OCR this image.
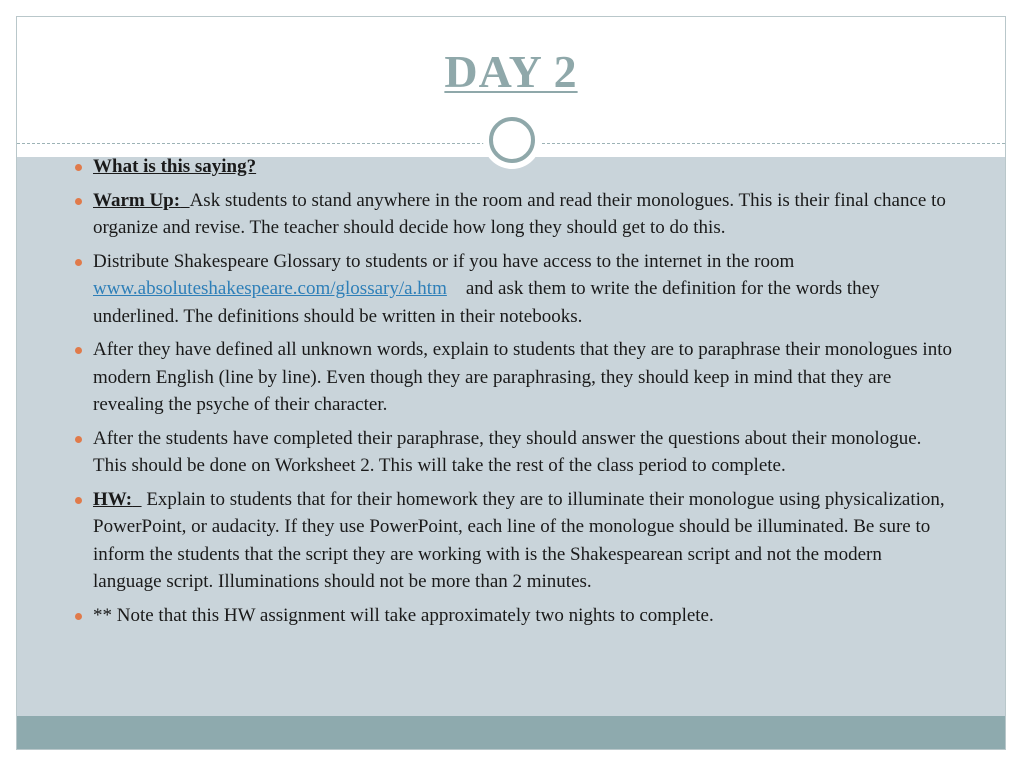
DAY 2
What is this saying?
Warm Up: Ask students to stand anywhere in the room and read their monologues. This is their final chance to organize and revise. The teacher should decide how long they should get to do this.
Distribute Shakespeare Glossary to students or if you have access to the internet in the room www.absoluteshakespeare.com/glossary/a.htm and ask them to write the definition for the words they underlined. The definitions should be written in their notebooks.
After they have defined all unknown words, explain to students that they are to paraphrase their monologues into modern English (line by line). Even though they are paraphrasing, they should keep in mind that they are revealing the psyche of their character.
After the students have completed their paraphrase, they should answer the questions about their monologue. This should be done on Worksheet 2. This will take the rest of the class period to complete.
HW: Explain to students that for their homework they are to illuminate their monologue using physicalization, PowerPoint, or audacity. If they use PowerPoint, each line of the monologue should be illuminated. Be sure to inform the students that the script they are working with is the Shakespearean script and not the modern language script. Illuminations should not be more than 2 minutes.
** Note that this HW assignment will take approximately two nights to complete.
